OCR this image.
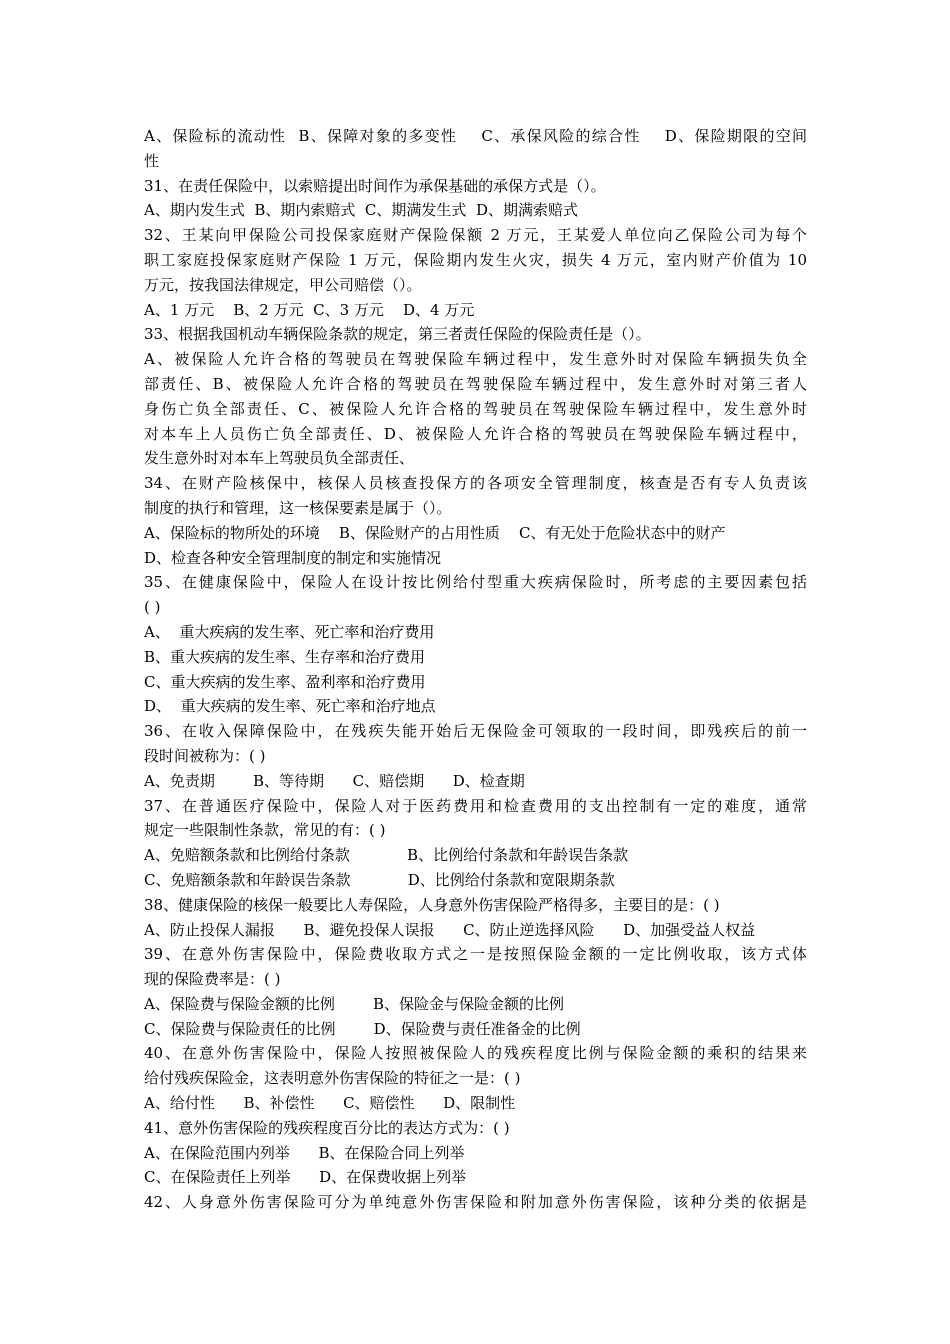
A、保险标的流动性  B、保障对象的多变性    C、承保风险的综合性    D、保险期限的空间
性
31、在责任保险中，以索赔提出时间作为承保基础的承保方式是（）。
A、期内发生式  B、期内索赔式  C、期满发生式  D、期满索赔式
32、王某向甲保险公司投保家庭财产保险保额 2 万元，王某爱人单位向乙保险公司为每个
职工家庭投保家庭财产保险 1 万元，保险期内发生火灾，损失 4 万元，室内财产价值为 10
万元，按我国法律规定，甲公司赔偿（）。
A、1 万元    B、2 万元  C、3 万元    D、4 万元
33、根据我国机动车辆保险条款的规定，第三者责任保险的保险责任是（）。
A、被保险人允许合格的驾驶员在驾驶保险车辆过程中，发生意外时对保险车辆损失负全
部责任、B、被保险人允许合格的驾驶员在驾驶保险车辆过程中，发生意外时对第三者人
身伤亡负全部责任、C、被保险人允许合格的驾驶员在驾驶保险车辆过程中，发生意外时
对本车上人员伤亡负全部责任、D、被保险人允许合格的驾驶员在驾驶保险车辆过程中，
发生意外时对本车上驾驶员负全部责任、
34、在财产险核保中，核保人员核查投保方的各项安全管理制度，核查是否有专人负责该
制度的执行和管理，这一核保要素是属于（）。
A、保险标的物所处的环境    B、保险财产的占用性质    C、有无处于危险状态中的财产
D、检查各种安全管理制度的制定和实施情况
35、在健康保险中，保险人在设计按比例给付型重大疾病保险时，所考虑的主要因素包括
( )
A、  重大疾病的发生率、死亡率和治疗费用
B、重大疾病的发生率、生存率和治疗费用
C、重大疾病的发生率、盈利率和治疗费用
D、  重大疾病的发生率、死亡率和治疗地点
36、在收入保障保险中，在残疾失能开始后无保险金可领取的一段时间，即残疾后的前一
段时间被称为：( )
A、免责期        B、等待期      C、赔偿期      D、检查期
37、在普通医疗保险中，保险人对于医药费用和检查费用的支出控制有一定的难度，通常
规定一些限制性条款，常见的有：( )
A、免赔额条款和比例给付条款            B、比例给付条款和年龄误告条款
C、免赔额条款和年龄误告条款            D、比例给付条款和宽限期条款
38、健康保险的核保一般要比人寿保险，人身意外伤害保险严格得多，主要目的是：( )
A、防止投保人漏报      B、避免投保人误报      C、防止逆选择风险      D、加强受益人权益
39、在意外伤害保险中，保险费收取方式之一是按照保险金额的一定比例收取，该方式体
现的保险费率是：( )
A、保险费与保险金额的比例        B、保险金与保险金额的比例
C、保险费与保险责任的比例        D、保险费与责任准备金的比例
40、在意外伤害保险中，保险人按照被保险人的残疾程度比例与保险金额的乘积的结果来
给付残疾保险金，这表明意外伤害保险的特征之一是：( )
A、给付性      B、补偿性      C、赔偿性      D、限制性
41、意外伤害保险的残疾程度百分比的表达方式为：( )
A、在保险范围内列举      B、在保险合同上列举
C、在保险责任上列举      D、在保费收据上列举
42、人身意外伤害保险可分为单纯意外伤害保险和附加意外伤害保险，该种分类的依据是
